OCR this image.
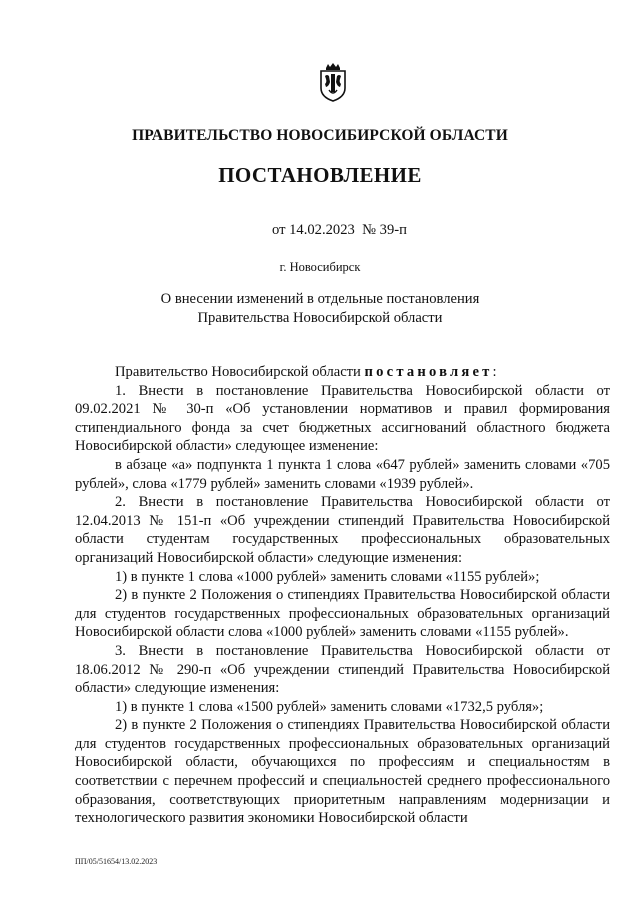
ПРАВИТЕЛЬСТВО НОВОСИБИРСКОЙ ОБЛАСТИ
ПОСТАНОВЛЕНИЕ
от 14.02.2023  № 39-п
г. Новосибирск
О внесении изменений в отдельные постановления Правительства Новосибирской области

Правительство Новосибирской области постановляет:

1. Внести в постановление Правительства Новосибирской области от 09.02.2021 № 30-п «Об установлении нормативов и правил формирования стипендиального фонда за счет бюджетных ассигнований областного бюджета Новосибирской области» следующее изменение:

в абзаце «а» подпункта 1 пункта 1 слова «647 рублей» заменить словами «705 рублей», слова «1779 рублей» заменить словами «1939 рублей».

2. Внести в постановление Правительства Новосибирской области от 12.04.2013 № 151-п «Об учреждении стипендий Правительства Новосибирской области студентам государственных профессиональных образовательных организаций Новосибирской области» следующие изменения:

1) в пункте 1 слова «1000 рублей» заменить словами «1155 рублей»;

2) в пункте 2 Положения о стипендиях Правительства Новосибирской области для студентов государственных профессиональных образовательных организаций Новосибирской области слова «1000 рублей» заменить словами «1155 рублей».

3. Внести в постановление Правительства Новосибирской области от 18.06.2012 № 290-п «Об учреждении стипендий Правительства Новосибирской области» следующие изменения:

1) в пункте 1 слова «1500 рублей» заменить словами «1732,5 рубля»;

2) в пункте 2 Положения о стипендиях Правительства Новосибирской области для студентов государственных профессиональных образовательных организаций Новосибирской области, обучающихся по профессиям и специальностям в соответствии с перечнем профессий и специальностей среднего профессионального образования, соответствующих приоритетным направлениям модернизации и технологического развития экономики Новосибирской области

ПП/05/51654/13.02.2023
